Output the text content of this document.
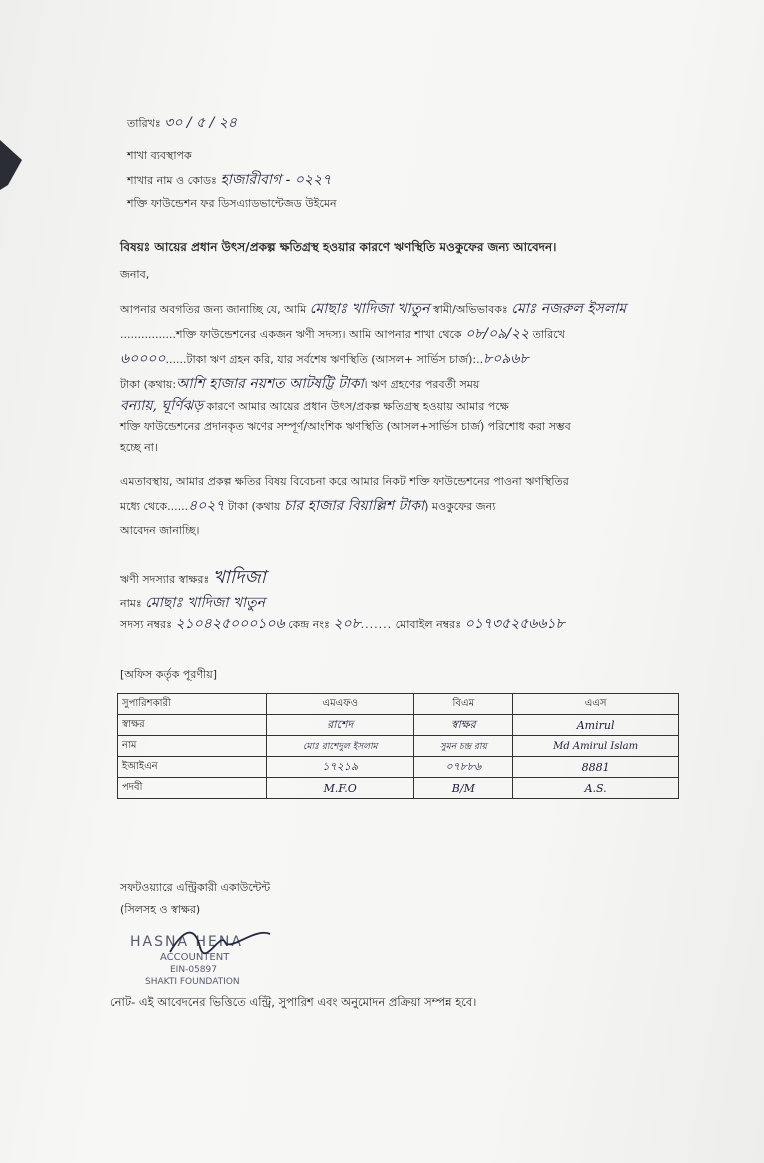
তারিখঃ ৩০ / ৫ / ২৪
শাখা ব্যবস্থাপক
শাখার নাম ও কোডঃ হাজারীবাগ - ০২২৭
শক্তি ফাউন্ডেশন ফর ডিসএ্যাডভান্টেজড উইমেন
বিষয়ঃ আয়ের প্রধান উৎস/প্রকল্প ক্ষতিগ্রস্থ হওয়ার কারণে ঋণস্থিতি মওকুফের জন্য আবেদন।
জনাব,
আপনার অবগতির জন্য জানাচ্ছি যে, আমি মোছাঃ খাদিজা খাতুন স্বামী/অভিভাবকঃ মোঃ নজরুল ইসলাম
................শক্তি ফাউন্ডেশনের একজন ঋণী সদস্য। আমি আপনার শাখা থেকে ০৮/০৯/২২ তারিখে
৬০০০০......টাকা ঋণ গ্রহন করি, যার সর্বশেষ ঋণস্থিতি (আসল+ সার্ভিস চার্জ):..৮০৯৬৮
টাকা (কথায়:আশি হাজার নয়শত আটষট্টি টাকা। ঋণ গ্রহণের পরবর্তী সময়
বন্যায়, ঘূর্ণিঝড় কারণে আমার আয়ের প্রধান উৎস/প্রকল্প ক্ষতিগ্রস্থ হওয়ায় আমার পক্ষে
শক্তি ফাউন্ডেশনের প্রদানকৃত ঋণের সম্পূর্ণ/আংশিক ঋণস্থিতি (আসল+সার্ভিস চার্জ) পরিশোধ করা সম্ভব
হচ্ছে না।
এমতাবস্থায়, আমার প্রকল্প ক্ষতির বিষয় বিবেচনা করে আমার নিকট শক্তি ফাউন্ডেশনের পাওনা ঋণস্থিতির
মধ্যে থেকে......৪০২৭ টাকা (কথায় চার হাজার বিয়াল্লিশ টাকা) মওকুফের জন্য
আবেদন জানাচ্ছি।
ঋণী সদস্যার স্বাক্ষরঃ খাদিজা
নামঃ মোছাঃ খাদিজা খাতুন
সদস্য নম্বরঃ ২১০৪২৫০০০১০৬ কেন্দ্র নংঃ ২০৮....... মোবাইল নম্বরঃ ০১৭৩৫২৫৬৬১৮
[অফিস কর্তৃক পূরণীয়]
সুপারিশকারী	এমএফও	বিএম	এএস
স্বাক্ষর	রাশেদ	স্বাক্ষর	Amirul
নাম	মোঃ রাশেদুল ইসলাম	সুমন চন্দ্র রায়	Md Amirul Islam
ইআইএন	১৭২১৯	০৭৮৮৬	8881
পদবী	M.F.O	B/M	A.S.
সফটওয়্যারে এন্ট্রিকারী একাউন্টেন্ট
(সিলসহ ও স্বাক্ষর)
HASNA HENA
ACCOUNTENT
EIN-05897
SHAKTI FOUNDATION
নোট- এই আবেদনের ভিত্তিতে এন্ট্রি, সুপারিশ এবং অনুমোদন প্রক্রিয়া সম্পন্ন হবে।
